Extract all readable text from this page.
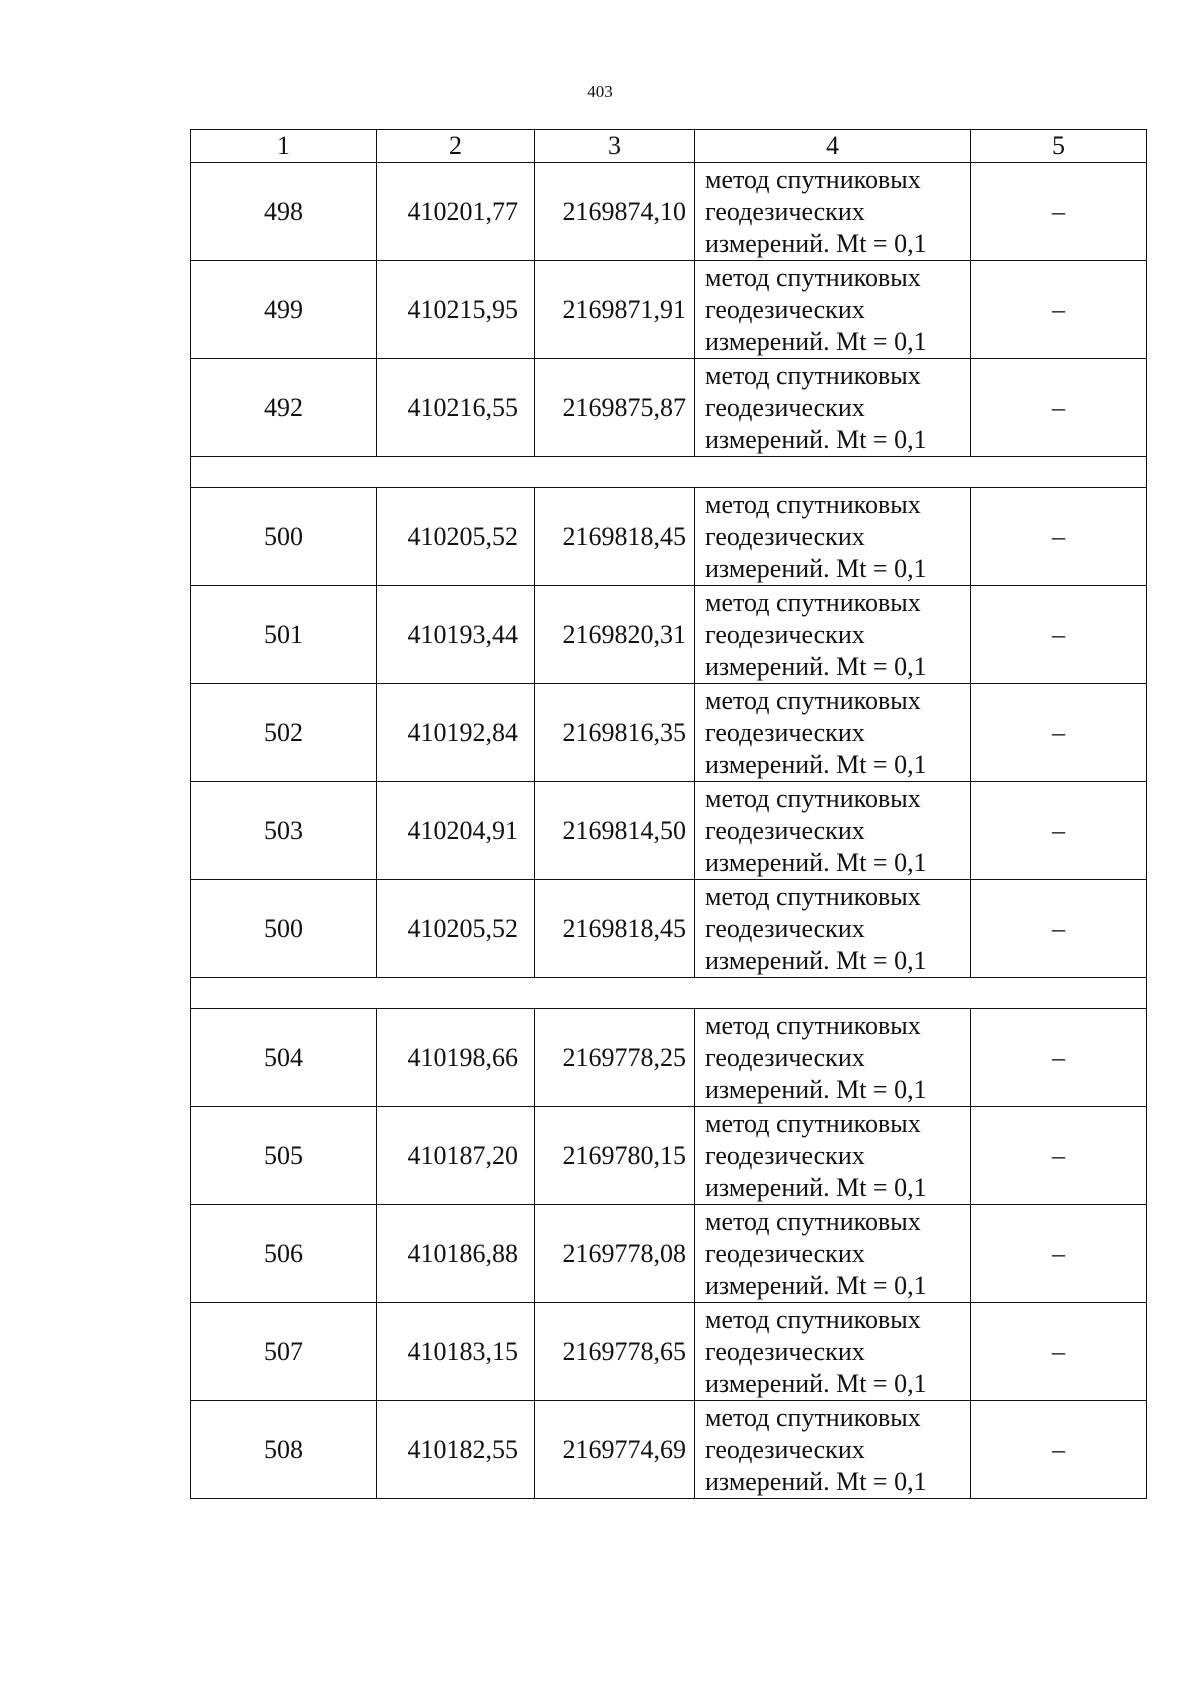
403
1	2	3	4	5
498	410201,77	2169874,10	метод спутниковых
геодезических
измерений. Mt = 0,1	–
499	410215,95	2169871,91	метод спутниковых
геодезических
измерений. Mt = 0,1	–
492	410216,55	2169875,87	метод спутниковых
геодезических
измерений. Mt = 0,1	–

500	410205,52	2169818,45	метод спутниковых
геодезических
измерений. Mt = 0,1	–
501	410193,44	2169820,31	метод спутниковых
геодезических
измерений. Mt = 0,1	–
502	410192,84	2169816,35	метод спутниковых
геодезических
измерений. Mt = 0,1	–
503	410204,91	2169814,50	метод спутниковых
геодезических
измерений. Mt = 0,1	–
500	410205,52	2169818,45	метод спутниковых
геодезических
измерений. Mt = 0,1	–

504	410198,66	2169778,25	метод спутниковых
геодезических
измерений. Mt = 0,1	–
505	410187,20	2169780,15	метод спутниковых
геодезических
измерений. Mt = 0,1	–
506	410186,88	2169778,08	метод спутниковых
геодезических
измерений. Mt = 0,1	–
507	410183,15	2169778,65	метод спутниковых
геодезических
измерений. Mt = 0,1	–
508	410182,55	2169774,69	метод спутниковых
геодезических
измерений. Mt = 0,1	–
